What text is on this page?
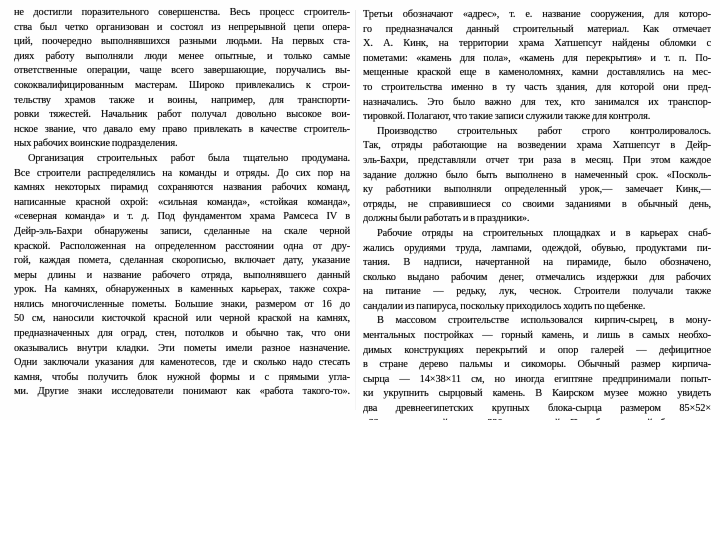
не достигли поразительного совершенства. Весь процесс строитель-
ства был четко организован и состоял из непрерывной цепи опера-
ций, поочередно выполнявшихся разными людьми. На первых ста-
диях работу выполняли люди менее опытные, и только самые
ответственные операции, чаще всего завершающие, поручались вы-
сококвалифицированным мастерам. Широко привлекались к строи-
тельству храмов также и воины, например, для транспорти-
ровки тяжестей. Начальник работ получал довольно высокое вои-
нское звание, что давало ему право привлекать в качестве строитель-
ных рабочих воинские подразделения.
Организация строительных работ была тщательно продумана.
Все строители распределялись на команды и отряды. До сих пор на
камнях некоторых пирамид сохраняются названия рабочих команд,
написанные красной охрой: «сильная команда», «стойкая команда»,
«северная команда» и т. д. Под фундаментом храма Рамсеса IV в
Дейр-эль-Бахри обнаружены записи, сделанные на скале черной
краской. Расположенная на определенном расстоянии одна от дру-
гой, каждая помета, сделанная скорописью, включает дату, указание
меры длины и название рабочего отряда, выполнявшего данный
урок. На камнях, обнаруженных в каменных карьерах, также сохра-
нялись многочисленные пометы. Большие знаки, размером от 16 до
50 см, наносили кисточкой красной или черной краской на камнях,
предназначенных для оград, стен, потолков и обычно так, что они
оказывались внутри кладки. Эти пометы имели разное назначение.
Одни заключали указания для каменотесов, где и сколько надо стесать
камня, чтобы получить блок нужной формы и с прямыми угла-
ми. Другие знаки исследователи понимают как «работа такого-то».
Третьи обозначают «адрес», т. е. название сооружения, для которо-
го предназначался данный строительный материал. Как отмечает
Х. А. Кинк, на территории храма Хатшепсут найдены обломки с
пометами: «камень для пола», «камень для перекрытия» и т. п. По-
мещенные краской еще в каменоломнях, камни доставлялись на мес-
то строительства именно в ту часть здания, для которой они пред-
назначались. Это было важно для тех, кто занимался их транспор-
тировкой. Полагают, что такие записи служили также для контроля.
Производство строительных работ строго контролировалось.
Так, отряды работающие на возведении храма Хатшепсут в Дейр-
эль-Бахри, представляли отчет три раза в месяц. При этом каждое
задание должно было быть выполнено в намеченный срок. «Посколь-
ку работники выполняли определенный урок,— замечает Кинк,—
отряды, не справившиеся со своими заданиями в обычный день,
должны были работать и в праздники».
Рабочие отряды на строительных площадках и в карьерах снаб-
жались орудиями труда, лампами, одеждой, обувью, продуктами пи-
тания. В надписи, начертанной на пирамиде, было обозначено,
сколько выдано рабочим денег, отмечались издержки для рабочих
на питание — редьку, лук, чеснок. Строители получали также
сандалии из папируса, поскольку приходилось ходить по щебенке.
В массовом строительстве использовался кирпич-сырец, в мону-
ментальных постройках — горный камень, и лишь в самых необхо-
димых конструкциях перекрытий и опор галерей — дефицитное
в стране дерево пальмы и сикоморы. Обычный размер кирпича-
сырца — 14×38×11 см, но иногда египтяне предпринимали попыт-
ки укрупнить сырцовый камень. В Каирском музее можно увидеть
два древнеегипетских крупных блока-сырца размером 85×52×
